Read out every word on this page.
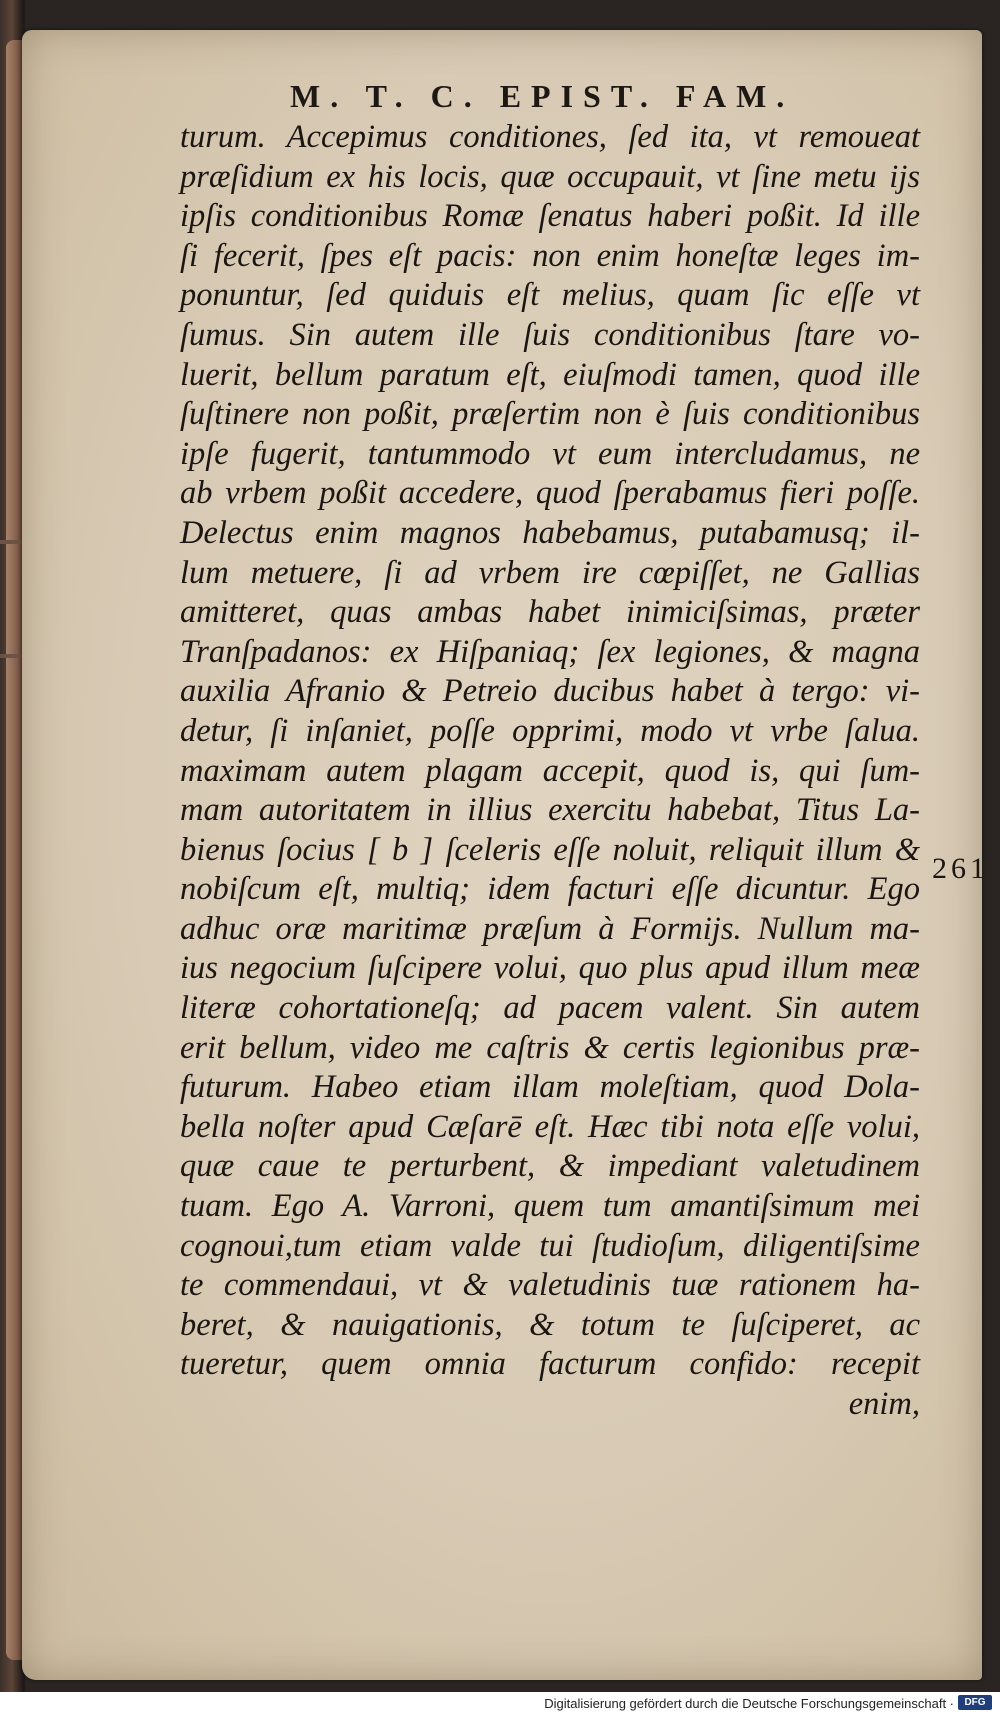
M. T. C. EPIST. FAM.
turum. Accepimus conditiones, ſed ita, vt remoueat
præſidium ex his locis, quæ occupauit, vt ſine metu ijs
ipſis conditionibus Romæ ſenatus haberi poßit. Id ille
ſi fecerit, ſpes eſt pacis: non enim honeſtæ leges im-
ponuntur, ſed quiduis eſt melius, quam ſic eſſe vt
ſumus. Sin autem ille ſuis conditionibus ſtare vo-
luerit, bellum paratum eſt, eiuſmodi tamen, quod ille
ſuſtinere non poßit, præſertim non è ſuis conditionibus
ipſe fugerit, tantummodo vt eum intercludamus, ne
ab vrbem poßit accedere, quod ſperabamus fieri poſſe.
Delectus enim magnos habebamus, putabamusq; il-
lum metuere, ſi ad vrbem ire cœpiſſet, ne Gallias
amitteret, quas ambas habet inimiciſsimas, præter
Tranſpadanos: ex Hiſpaniaq; ſex legiones, & magna
auxilia Afranio & Petreio ducibus habet à tergo: vi-
detur, ſi inſaniet, poſſe opprimi, modo vt vrbe ſalua.
maximam autem plagam accepit, quod is, qui ſum-
mam autoritatem in illius exercitu habebat, Titus La-
bienus ſocius [ b ] ſceleris eſſe noluit, reliquit illum &
nobiſcum eſt, multiq; idem facturi eſſe dicuntur. Ego
adhuc oræ maritimæ præſum à Formijs. Nullum ma-
ius negocium ſuſcipere volui, quo plus apud illum meæ
literæ cohortationeſq; ad pacem valent. Sin autem
erit bellum, video me caſtris & certis legionibus præ-
futurum. Habeo etiam illam moleſtiam, quod Dola-
bella noſter apud Cæſarē eſt. Hæc tibi nota eſſe volui,
quæ caue te perturbent, & impediant valetudinem
tuam. Ego A. Varroni, quem tum amantiſsimum mei
cognoui,tum etiam valde tui ſtudioſum, diligentiſsime
te commendaui, vt & valetudinis tuæ rationem ha-
beret, & nauigationis, & totum te ſuſciperet, ac
tueretur, quem omnia facturum confido: recepit
enim,
261
Digitalisierung gefördert durch die Deutsche Forschungsgemeinschaft ·	DFG
